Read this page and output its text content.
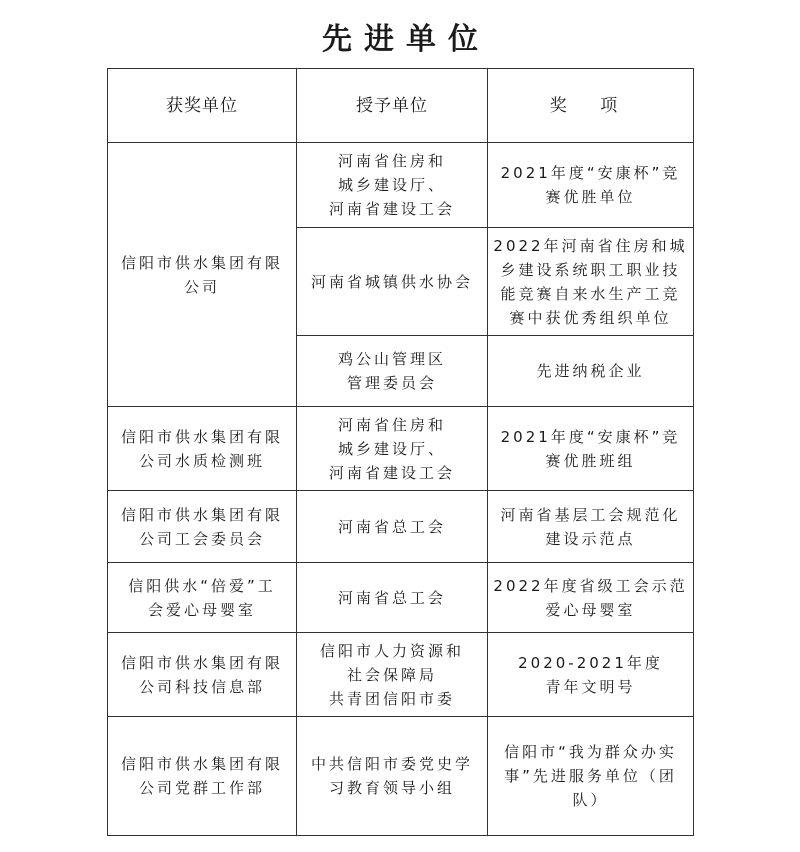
先进单位
获奖单位	授予单位	奖 项
信阳市供水集团有限
公司	河南省住房和
城乡建设厅、
河南省建设工会	2021年度“安康杯”竞
赛优胜单位
	河南省城镇供水协会	2022年河南省住房和城
乡建设系统职工职业技
能竞赛自来水生产工竞
赛中获优秀组织单位
	鸡公山管理区
管理委员会	先进纳税企业
信阳市供水集团有限
公司水质检测班	河南省住房和
城乡建设厅、
河南省建设工会	2021年度“安康杯”竞
赛优胜班组
信阳市供水集团有限
公司工会委员会	河南省总工会	河南省基层工会规范化
建设示范点
信阳供水“倍爱”工
会爱心母婴室	河南省总工会	2022年度省级工会示范
爱心母婴室
信阳市供水集团有限
公司科技信息部	信阳市人力资源和
社会保障局
共青团信阳市委	2020-2021年度
青年文明号
信阳市供水集团有限
公司党群工作部	中共信阳市委党史学
习教育领导小组	信阳市“我为群众办实
事”先进服务单位（团
队）
